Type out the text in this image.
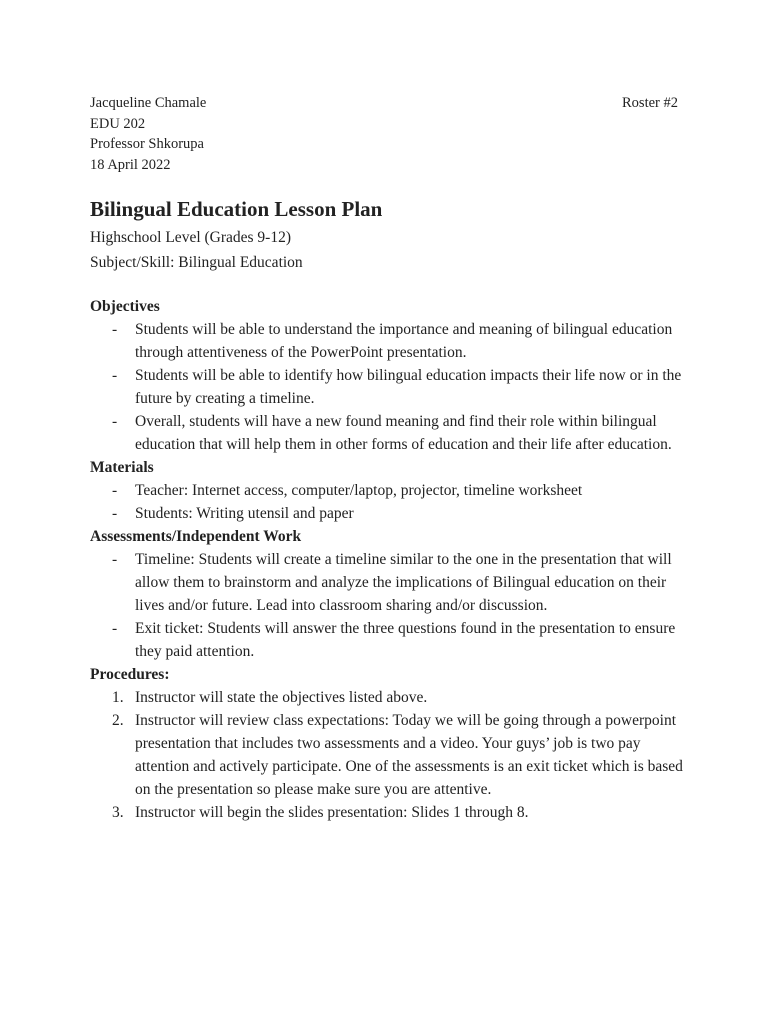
Jacqueline Chamale
EDU 202
Professor Shkorupa
18 April 2022
Roster #2
Bilingual Education Lesson Plan
Highschool Level (Grades 9-12)
Subject/Skill: Bilingual Education

Objectives

- Students will be able to understand the importance and meaning of bilingual education through attentiveness of the PowerPoint presentation.
- Students will be able to identify how bilingual education impacts their life now or in the future by creating a timeline.
- Overall, students will have a new found meaning and find their role within bilingual education that will help them in other forms of education and their life after education.

Materials

- Teacher: Internet access, computer/laptop, projector, timeline worksheet
- Students: Writing utensil and paper

Assessments/Independent Work

- Timeline: Students will create a timeline similar to the one in the presentation that will allow them to brainstorm and analyze the implications of Bilingual education on their lives and/or future. Lead into classroom sharing and/or discussion.
- Exit ticket: Students will answer the three questions found in the presentation to ensure they paid attention.

Procedures:

1. Instructor will state the objectives listed above.
2. Instructor will review class expectations: Today we will be going through a powerpoint presentation that includes two assessments and a video. Your guys’ job is two pay attention and actively participate. One of the assessments is an exit ticket which is based on the presentation so please make sure you are attentive.
3. Instructor will begin the slides presentation: Slides 1 through 8.
